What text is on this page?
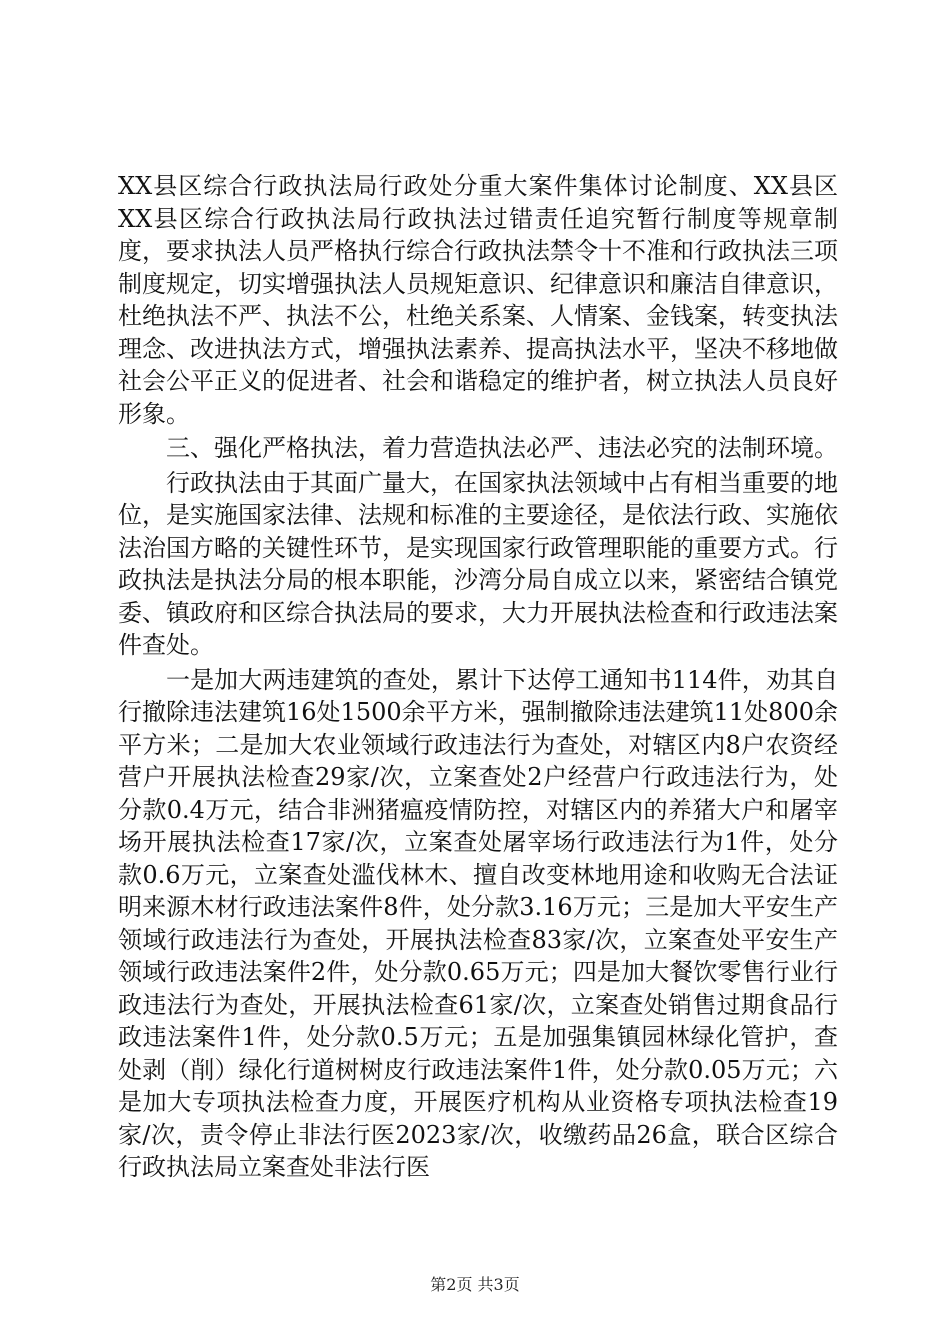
XX县区综合行政执法局行政处分重大案件集体讨论制度、XX县区XX县区综合行政执法局行政执法过错责任追究暂行制度等规章制度，要求执法人员严格执行综合行政执法禁令十不准和行政执法三项制度规定，切实增强执法人员规矩意识、纪律意识和廉洁自律意识，杜绝执法不严、执法不公，杜绝关系案、人情案、金钱案，转变执法理念、改进执法方式，增强执法素养、提高执法水平，坚决不移地做社会公平正义的促进者、社会和谐稳定的维护者，树立执法人员良好形象。

三、强化严格执法，着力营造执法必严、违法必究的法制环境。

行政执法由于其面广量大，在国家执法领域中占有相当重要的地位，是实施国家法律、法规和标准的主要途径，是依法行政、实施依法治国方略的关键性环节，是实现国家行政管理职能的重要方式。行政执法是执法分局的根本职能，沙湾分局自成立以来，紧密结合镇党委、镇政府和区综合执法局的要求，大力开展执法检查和行政违法案件查处。

一是加大两违建筑的查处，累计下达停工通知书114件，劝其自行撤除违法建筑16处1500余平方米，强制撤除违法建筑11处800余平方米；二是加大农业领域行政违法行为查处，对辖区内8户农资经营户开展执法检查29家/次，立案查处2户经营户行政违法行为，处分款0.4万元，结合非洲猪瘟疫情防控，对辖区内的养猪大户和屠宰场开展执法检查17家/次，立案查处屠宰场行政违法行为1件，处分款0.6万元，立案查处滥伐林木、擅自改变林地用途和收购无合法证明来源木材行政违法案件8件，处分款3.16万元；三是加大平安生产领域行政违法行为查处，开展执法检查83家/次，立案查处平安生产领域行政违法案件2件，处分款0.65万元；四是加大餐饮零售行业行政违法行为查处，开展执法检查61家/次，立案查处销售过期食品行政违法案件1件，处分款0.5万元；五是加强集镇园林绿化管护，查处剥（削）绿化行道树树皮行政违法案件1件，处分款0.05万元；六是加大专项执法检查力度，开展医疗机构从业资格专项执法检查19家/次，责令停止非法行医2023家/次，收缴药品26盒，联合区综合行政执法局立案查处非法行医

第2页 共3页
